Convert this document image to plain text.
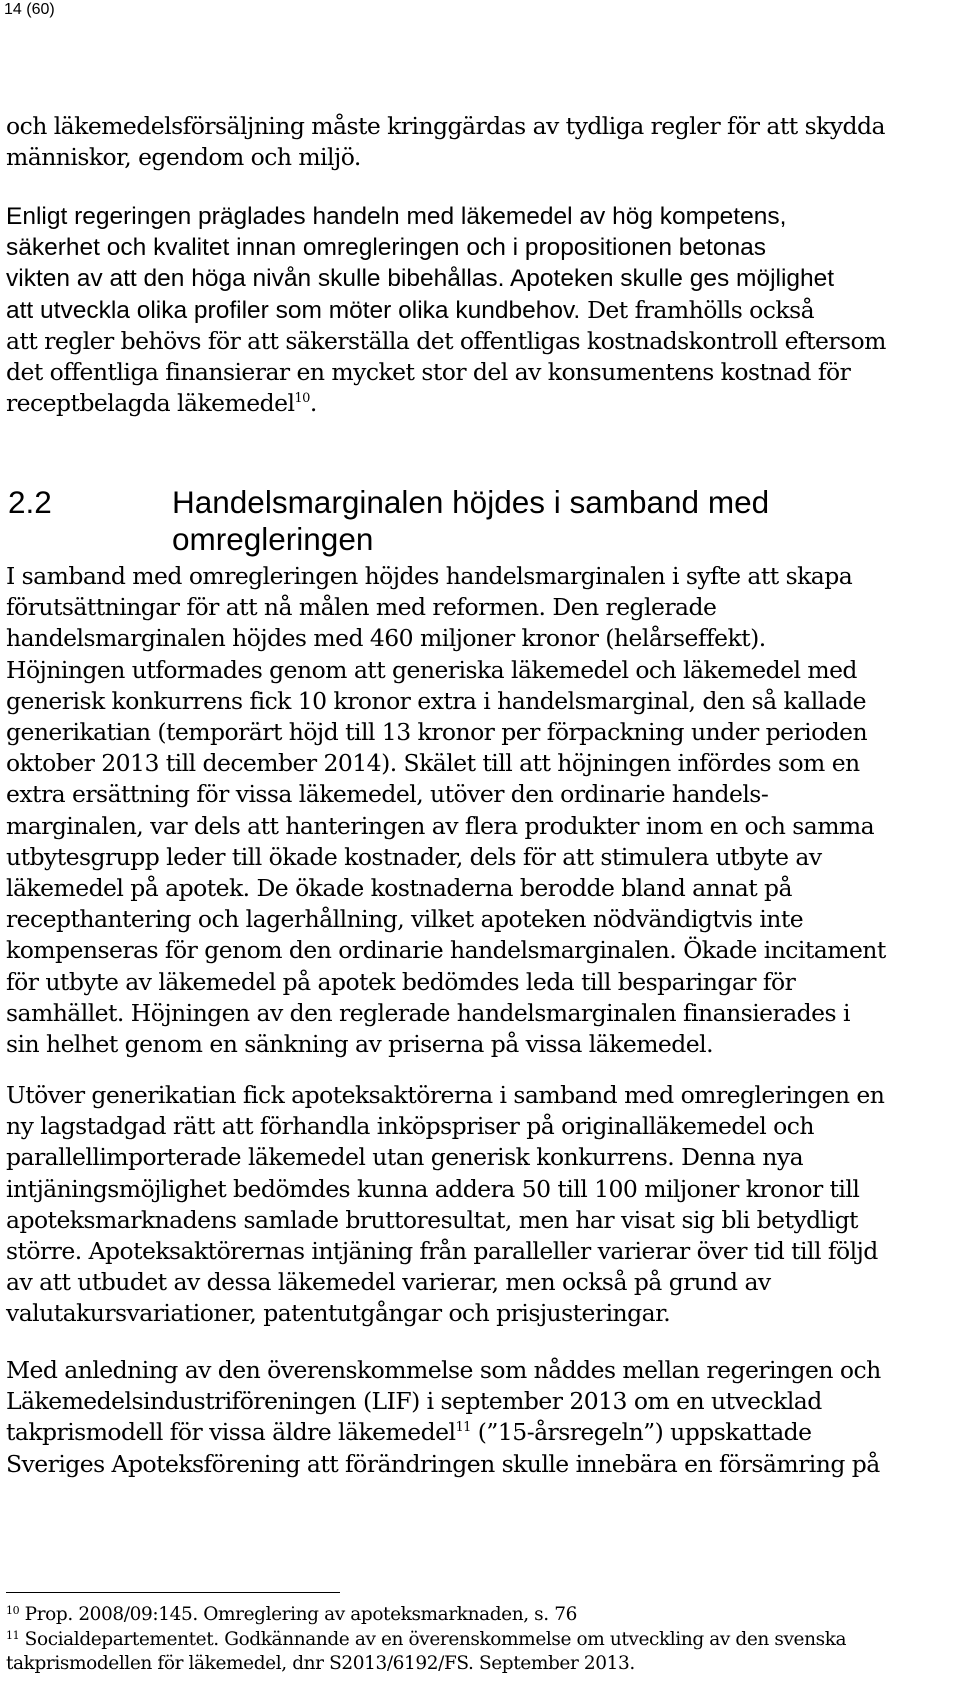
14 (60)

och läkemedelsförsäljning måste kringgärdas av tydliga regler för att skydda

människor, egendom och miljö.

Enligt regeringen präglades handeln med läkemedel av hög kompetens,

säkerhet och kvalitet innan omregleringen och i propositionen betonas

vikten av att den höga nivån skulle bibehållas. Apoteken skulle ges möjlighet

att utveckla olika profiler som möter olika kundbehov. Det framhölls också

att regler behövs för att säkerställa det offentligas kostnadskontroll eftersom

det offentliga finansierar en mycket stor del av konsumentens kostnad för

receptbelagda läkemedel$^{10}$.

2.2	Handelsmarginalen höjdes i samband med
omregleringen

I samband med omregleringen höjdes handelsmarginalen i syfte att skapa

förutsättningar för att nå målen med reformen. Den reglerade

handelsmarginalen höjdes med 460 miljoner kronor (helårseffekt).

Höjningen utformades genom att generiska läkemedel och läkemedel med

generisk konkurrens fick 10 kronor extra i handelsmarginal, den så kallade

generikatian (temporärt höjd till 13 kronor per förpackning under perioden

oktober 2013 till december 2014). Skälet till att höjningen infördes som en

extra ersättning för vissa läkemedel, utöver den ordinarie handels-

marginalen, var dels att hanteringen av flera produkter inom en och samma

utbytesgrupp leder till ökade kostnader, dels för att stimulera utbyte av

läkemedel på apotek. De ökade kostnaderna berodde bland annat på

recepthantering och lagerhållning, vilket apoteken nödvändigtvis inte

kompenseras för genom den ordinarie handelsmarginalen. Ökade incitament

för utbyte av läkemedel på apotek bedömdes leda till besparingar för

samhället. Höjningen av den reglerade handelsmarginalen finansierades i

sin helhet genom en sänkning av priserna på vissa läkemedel.

Utöver generikatian fick apoteksaktörerna i samband med omregleringen en

ny lagstadgad rätt att förhandla inköpspriser på originalläkemedel och

parallellimporterade läkemedel utan generisk konkurrens. Denna nya

intjäningsmöjlighet bedömdes kunna addera 50 till 100 miljoner kronor till

apoteksmarknadens samlade bruttoresultat, men har visat sig bli betydligt

större. Apoteksaktörernas intjäning från paralleller varierar över tid till följd

av att utbudet av dessa läkemedel varierar, men också på grund av

valutakursvariationer, patentutgångar och prisjusteringar.

Med anledning av den överenskommelse som nåddes mellan regeringen och

Läkemedelsindustriföreningen (LIF) i september 2013 om en utvecklad

takprismodell för vissa äldre läkemedel$^{11}$ (”15-årsregeln”) uppskattade

Sveriges Apoteksförening att förändringen skulle innebära en försämring på

$^{10}$ Prop. 2008/09:145. Omreglering av apoteksmarknaden, s. 76

$^{11}$ Socialdepartementet. Godkännande av en överenskommelse om utveckling av den svenska

takprismodellen för läkemedel, dnr S2013/6192/FS. September 2013.
